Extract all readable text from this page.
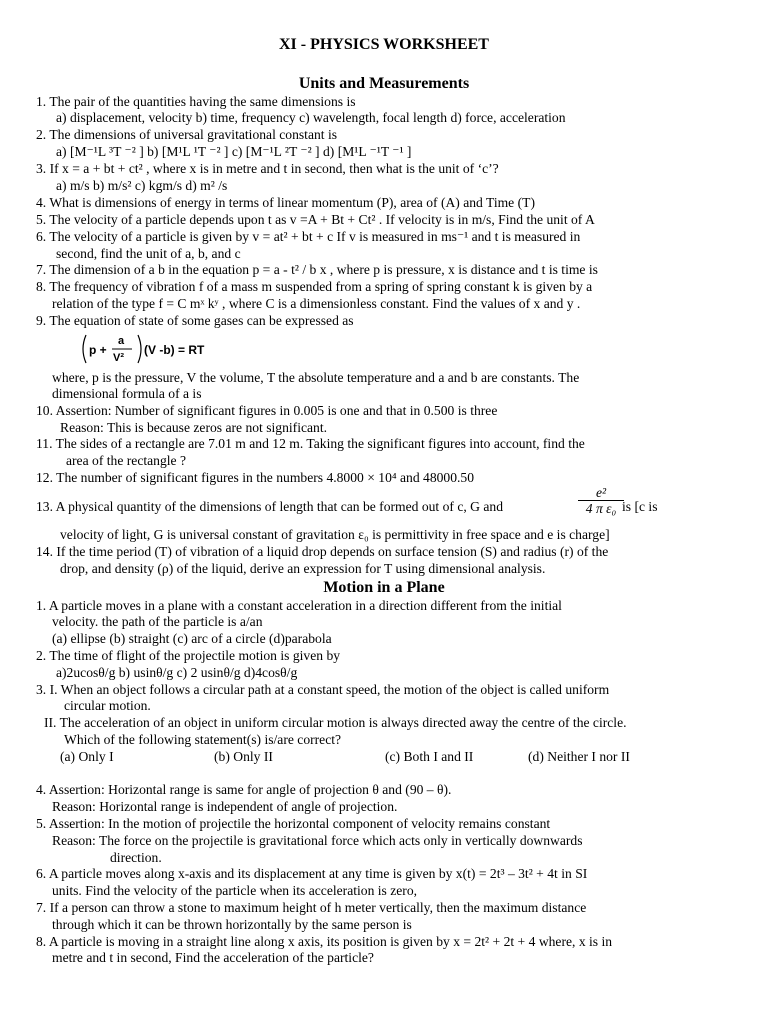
XI - PHYSICS WORKSHEET
Units and Measurements
1. The pair of the quantities having the same dimensions is
a) displacement, velocity b) time, frequency c) wavelength, focal length d) force, acceleration
2. The dimensions of universal gravitational constant is
a) [M⁻¹L ³T ⁻² ] b) [M¹L ¹T ⁻² ] c) [M⁻¹L ²T ⁻² ] d) [M¹L ⁻¹T ⁻¹ ]
3. If x = a + bt + ct² , where x is in metre and t in second, then what is the unit of ‘c’?
a) m/s b) m/s² c) kgm/s d) m² /s
4. What is dimensions of energy in terms of linear momentum (P), area of (A) and Time (T)
5. The velocity of a particle depends upon t as v =A + Bt + Ct² . If velocity is in m/s, Find the unit of A
6. The velocity of a particle is given by v = at² + bt + c If v is measured in ms⁻¹ and t is measured in
second, find the unit of a, b, and c
7. The dimension of a b in the equation p = a - t² / b x , where p is pressure, x is distance and t is time is
8. The frequency of vibration f of a mass m suspended from a spring of spring constant k is given by a
relation of the type f = C mˣ kʸ , where C is a dimensionless constant. Find the values of x and y .
9. The equation of state of some gases can be expressed as
p +
a
V²
(V -b) = RT
where, p is the pressure, V the volume, T the absolute temperature and a and b are constants. The
dimensional formula of a is
10. Assertion: Number of significant figures in 0.005 is one and that in 0.500 is three
Reason: This is because zeros are not significant.
11. The sides of a rectangle are 7.01 m and 12 m. Taking the significant figures into account, find the
area of the rectangle ?
12. The number of significant figures in the numbers 4.8000 × 10⁴ and 48000.50
13. A physical quantity of the dimensions of length that can be formed out of c, G and	$\frac{\text{e²}}{\text{4 π ε₀}}$
is [c is
velocity of light, G is universal constant of gravitation ε₀ is permittivity in free space and e is charge]
14. If the time period (T) of vibration of a liquid drop depends on surface tension (S) and radius (r) of the
drop, and density (ρ) of the liquid, derive an expression for T using dimensional analysis.
Motion in a Plane
1. A particle moves in a plane with a constant acceleration in a direction different from the initial
velocity. the path of the particle is a/an
(a) ellipse (b) straight (c) arc of a circle (d)parabola
2. The time of flight of the projectile motion is given by
a)2ucosθ/g b) usinθ/g c) 2 usinθ/g d)4cosθ/g
3. I. When an object follows a circular path at a constant speed, the motion of the object is called uniform
circular motion.
II. The acceleration of an object in uniform circular motion is always directed away the centre of the circle.
Which of the following statement(s) is/are correct?
(a) Only I	(b) Only II	(c) Both I and II	(d) Neither I nor II
4. Assertion: Horizontal range is same for angle of projection θ and (90 – θ).
Reason: Horizontal range is independent of angle of projection.
5. Assertion: In the motion of projectile the horizontal component of velocity remains constant
Reason: The force on the projectile is gravitational force which acts only in vertically downwards
direction.
6. A particle moves along x-axis and its displacement at any time is given by x(t) = 2t³ – 3t² + 4t in SI
units. Find the velocity of the particle when its acceleration is zero,
7. If a person can throw a stone to maximum height of h meter vertically, then the maximum distance
through which it can be thrown horizontally by the same person is
8. A particle is moving in a straight line along x axis, its position is given by x = 2t² + 2t + 4 where, x is in
metre and t in second, Find the acceleration of the particle?
